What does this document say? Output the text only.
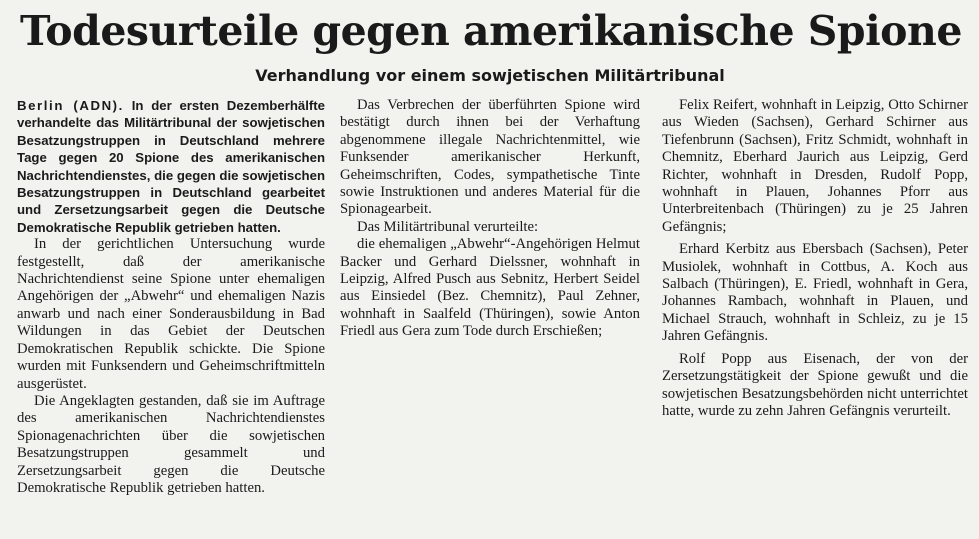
Todesurteile gegen amerikanische Spione
Verhandlung vor einem sowjetischen Militärtribunal

Berlin (ADN). In der ersten Dezemberhälfte verhandelte das Militärtribunal der sowjetischen Besatzungstruppen in Deutschland mehrere Tage gegen 20 Spione des amerikanischen Nachrichtendienstes, die gegen die sowjetischen Besatzungstruppen in Deutschland gearbeitet und Zersetzungsarbeit gegen die Deutsche Demokratische Republik getrieben hatten.

In der gerichtlichen Untersuchung wurde festgestellt, daß der amerikanische Nachrichtendienst seine Spione unter ehemaligen Angehörigen der „Abwehr“ und ehemaligen Nazis anwarb und nach einer Sonderausbildung in Bad Wildungen in das Gebiet der Deutschen Demokratischen Republik schickte. Die Spione wurden mit Funksendern und Geheimschriftmitteln ausgerüstet.

Die Angeklagten gestanden, daß sie im Auftrage des amerikanischen Nachrichtendienstes Spionagenachrichten über die sowjetischen Besatzungstruppen gesammelt und Zersetzungsarbeit gegen die Deutsche Demokratische Republik getrieben hatten.

Das Verbrechen der überführten Spione wird bestätigt durch ihnen bei der Verhaftung abgenommene illegale Nachrichtenmittel, wie Funksender amerikanischer Herkunft, Geheimschriften, Codes, sympathetische Tinte sowie Instruktionen und anderes Material für die Spionagearbeit.

Das Militärtribunal verurteilte:

die ehemaligen „Abwehr“-Angehörigen Helmut Backer und Gerhard Dielssner, wohnhaft in Leipzig, Alfred Pusch aus Sebnitz, Herbert Seidel aus Einsiedel (Bez. Chemnitz), Paul Zehner, wohnhaft in Saalfeld (Thüringen), sowie Anton Friedl aus Gera zum Tode durch Erschießen;

Felix Reifert, wohnhaft in Leipzig, Otto Schirner aus Wieden (Sachsen), Gerhard Schirner aus Tiefenbrunn (Sachsen), Fritz Schmidt, wohnhaft in Chemnitz, Eberhard Jaurich aus Leipzig, Gerd Richter, wohnhaft in Dresden, Rudolf Popp, wohnhaft in Plauen, Johannes Pforr aus Unterbreitenbach (Thüringen) zu je 25 Jahren Gefängnis;

Erhard Kerbitz aus Ebersbach (Sachsen), Peter Musiolek, wohnhaft in Cottbus, A. Koch aus Salbach (Thüringen), E. Friedl, wohnhaft in Gera, Johannes Rambach, wohnhaft in Plauen, und Michael Strauch, wohnhaft in Schleiz, zu je 15 Jahren Gefängnis.

Rolf Popp aus Eisenach, der von der Zersetzungstätigkeit der Spione gewußt und die sowjetischen Besatzungsbehörden nicht unterrichtet hatte, wurde zu zehn Jahren Gefängnis verurteilt.
